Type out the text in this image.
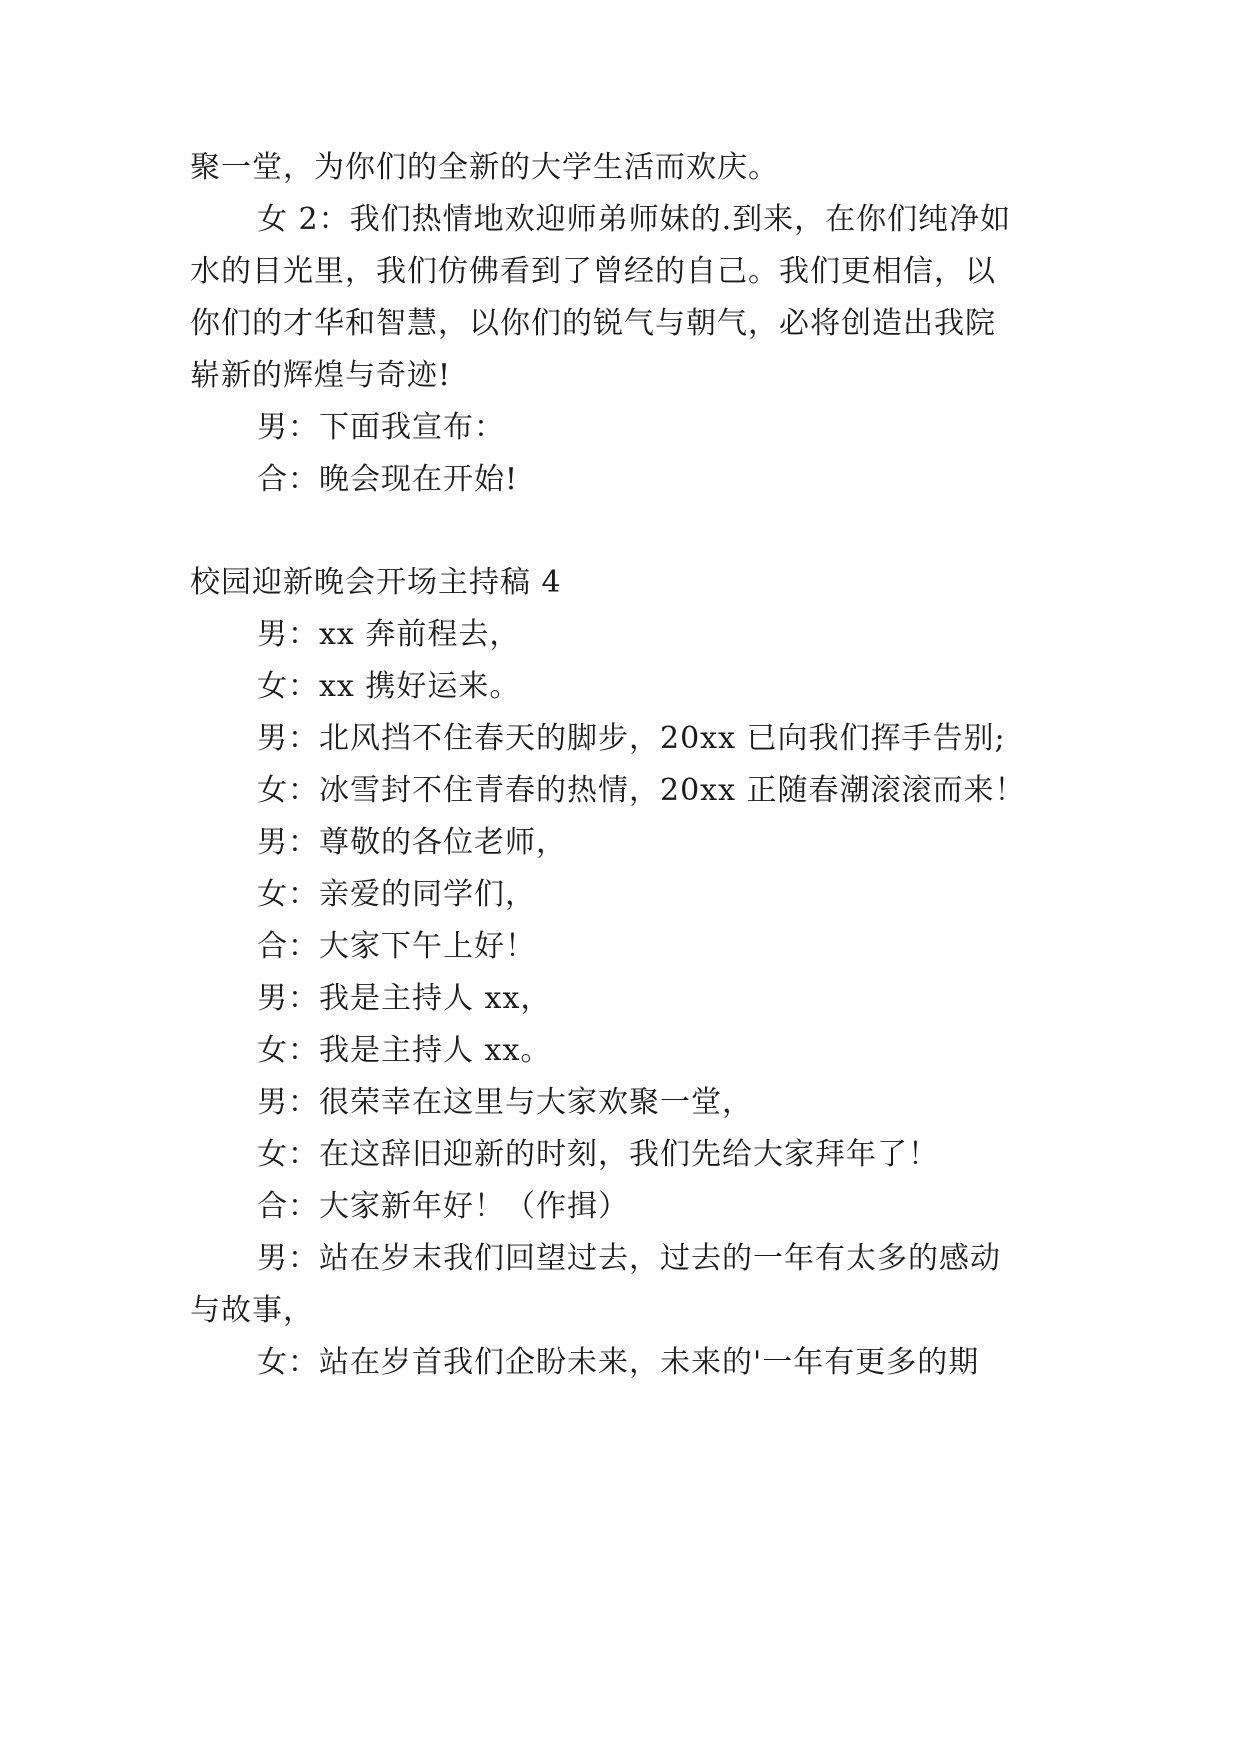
聚一堂，为你们的全新的大学生活而欢庆。
女 2：我们热情地欢迎师弟师妹的.到来，在你们纯净如
水的目光里，我们仿佛看到了曾经的自己。我们更相信，以
你们的才华和智慧，以你们的锐气与朝气，必将创造出我院
崭新的辉煌与奇迹!
男：下面我宣布：
合：晚会现在开始!
校园迎新晚会开场主持稿 4
男：xx 奔前程去，
女：xx 携好运来。
男：北风挡不住春天的脚步，20xx 已向我们挥手告别;
女：冰雪封不住青春的热情，20xx 正随春潮滚滚而来！
男：尊敬的各位老师，
女：亲爱的同学们，
合：大家下午上好！
男：我是主持人 xx，
女：我是主持人 xx。
男：很荣幸在这里与大家欢聚一堂，
女：在这辞旧迎新的时刻，我们先给大家拜年了！
合：大家新年好！（作揖）
男：站在岁末我们回望过去，过去的一年有太多的感动
与故事，
女：站在岁首我们企盼未来，未来的'一年有更多的期
